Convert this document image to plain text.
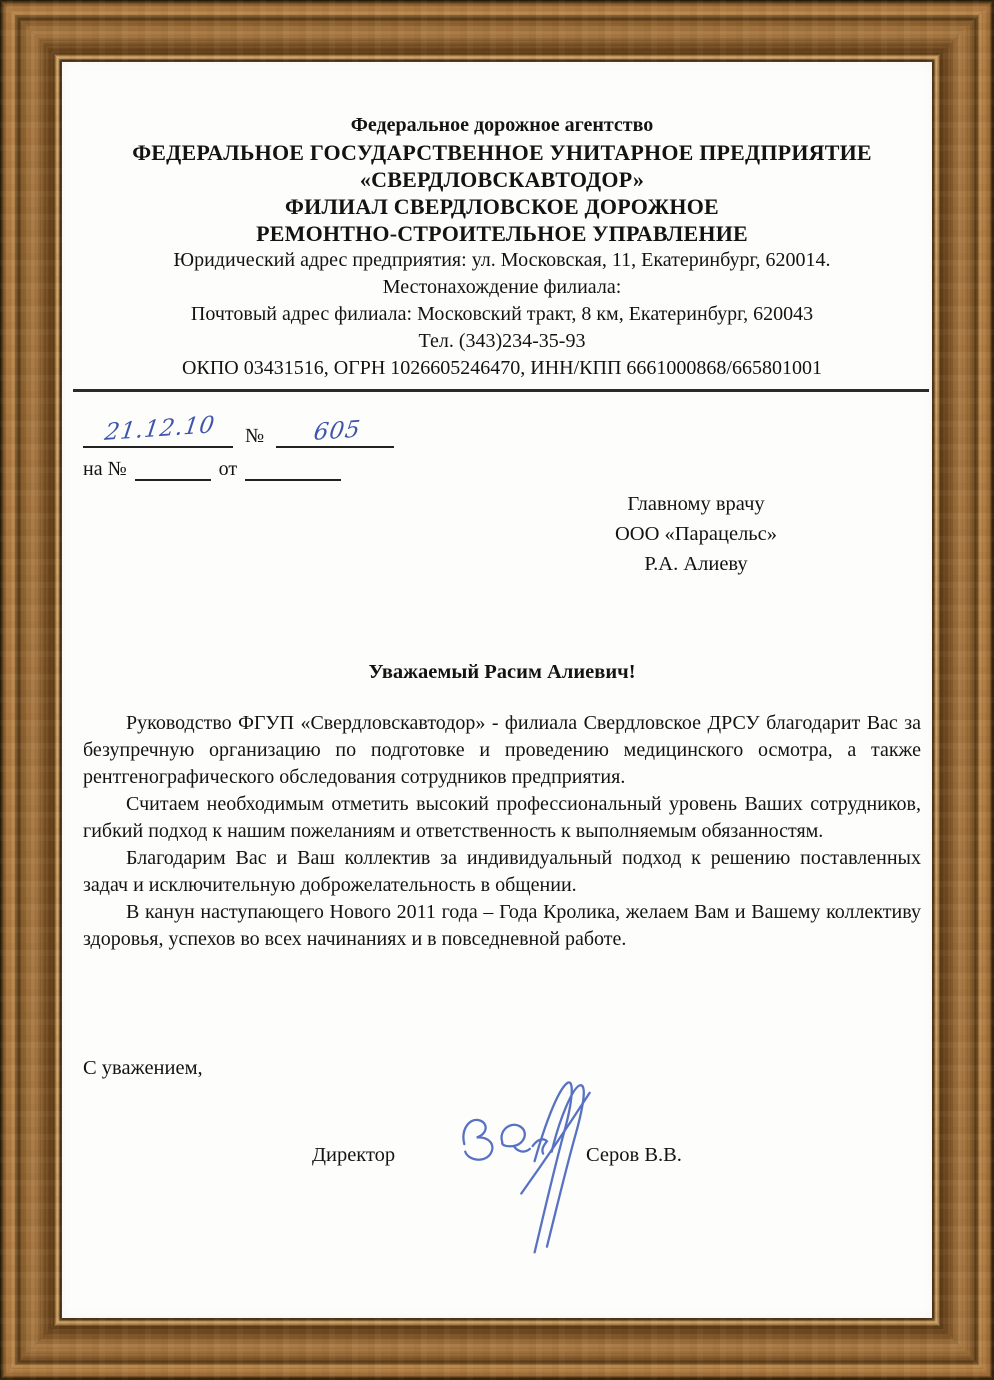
Федеральное дорожное агентство
ФЕДЕРАЛЬНОЕ ГОСУДАРСТВЕННОЕ УНИТАРНОЕ ПРЕДПРИЯТИЕ
«СВЕРДЛОВСКАВТОДОР»
ФИЛИАЛ СВЕРДЛОВСКОЕ ДОРОЖНОЕ
РЕМОНТНО-СТРОИТЕЛЬНОЕ УПРАВЛЕНИЕ
Юридический адрес предприятия: ул. Московская, 11, Екатеринбург, 620014.
Местонахождение филиала:
Почтовый адрес филиала: Московский тракт, 8 км, Екатеринбург, 620043
Тел. (343)234-35-93
ОКПО 03431516, ОГРН 1026605246470, ИНН/КПП 6661000868/665801001
21.12.10	№	605
на №	от
Главному врачу
ООО «Парацельс»
Р.А. Алиеву
Уважаемый Расим Алиевич!

Руководство ФГУП «Свердловскавтодор» - филиала Свердловское ДРСУ благодарит Вас за безупречную организацию по подготовке и проведению медицинского осмотра, а также рентгенографического обследования сотрудников предприятия.

Считаем необходимым отметить высокий профессиональный уровень Ваших сотрудников, гибкий подход к нашим пожеланиям и ответственность к выполняемым обязанностям.

Благодарим Вас и Ваш коллектив за индивидуальный подход к решению поставленных задач и исключительную доброжелательность в общении.

В канун наступающего Нового 2011 года – Года Кролика, желаем Вам и Вашему коллективу здоровья, успехов во всех начинаниях и в повседневной работе.

С уважением,
Директор	Серов В.В.
